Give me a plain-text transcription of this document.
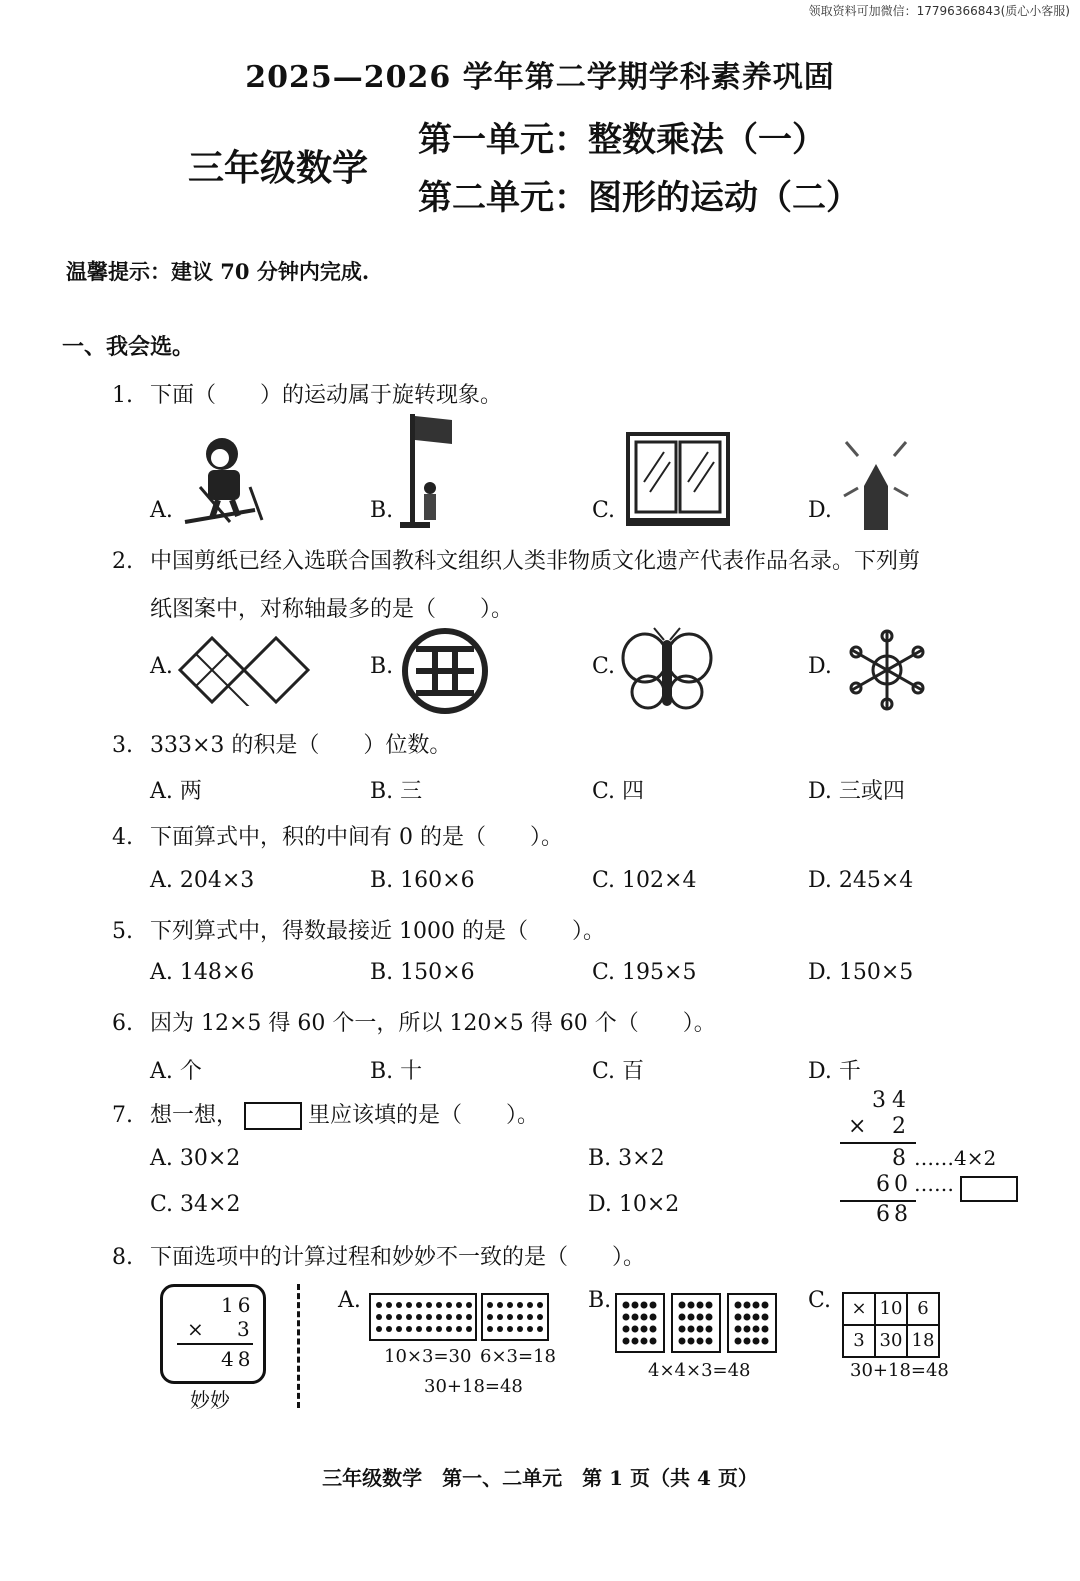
领取资料可加微信：17796366843(质心小客服)
2025—2026 学年第二学期学科素养巩固
三年级数学
第一单元：整数乘法（一）
第二单元：图形的运动（二）
温馨提示：建议 70 分钟内完成.
一、我会选。
1. 下面（　　）的运动属于旋转现象。
A.	B.	C.	D.
2. 中国剪纸已经入选联合国教科文组织人类非物质文化遗产代表作品名录。下列剪
纸图案中，对称轴最多的是（　　）。
A.	B.	C.	D.
3. 333×3 的积是（　　）位数。
A. 两	B. 三	C. 四	D. 三或四
4. 下面算式中，积的中间有 0 的是（　　）。
A. 204×3	B. 160×6	C. 102×4	D. 245×4
5. 下列算式中，得数最接近 1000 的是（　　）。
A. 148×6	B. 150×6	C. 195×5	D. 150×5
6. 因为 12×5 得 60 个一，所以 120×5 得 60 个（　　）。
A. 个	B. 十	C. 百	D. 千
7. 想一想，	里应该填的是（　　）。
A. 30×2	B. 3×2
C. 34×2	D. 10×2
34
× 2
8 ……4×2
60 ……
68
8. 下面选项中的计算过程和妙妙不一致的是（　　）。
16
× 3
48
妙妙
A.
10×3=30 6×3=18
30+18=48
B.
4×4×3=48
C.	× 10 6
3 30 18
30+18=48
三年级数学　第一、二单元　第 1 页（共 4 页）
